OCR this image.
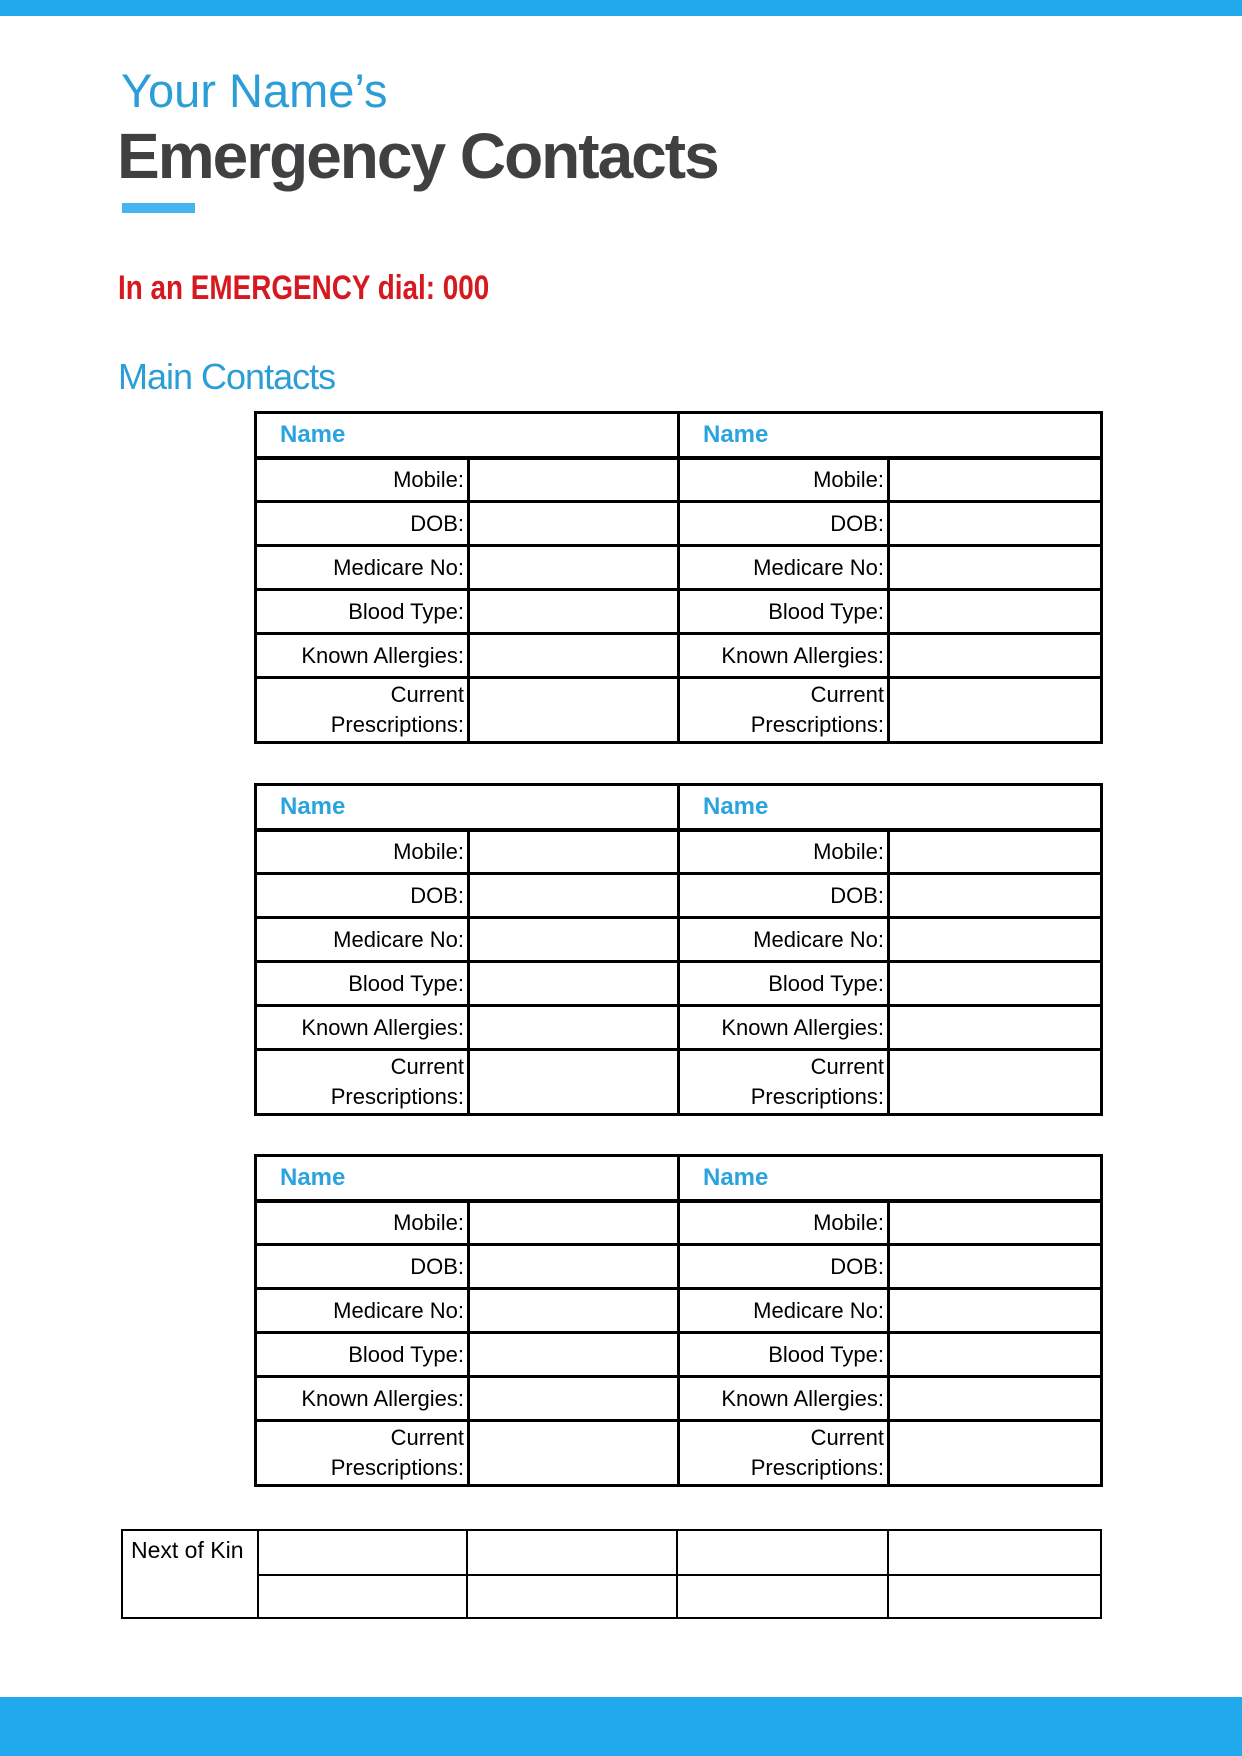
Your Name’s
Emergency Contacts
In an EMERGENCY dial: 000
Main Contacts
Name		Name	
Mobile:		Mobile:	
DOB:		DOB:	
Medicare No:		Medicare No:	
Blood Type:		Blood Type:	
Known Allergies:		Known Allergies:	
Current Prescriptions:		Current Prescriptions:	
Name		Name	
Mobile:		Mobile:	
DOB:		DOB:	
Medicare No:		Medicare No:	
Blood Type:		Blood Type:	
Known Allergies:		Known Allergies:	
Current Prescriptions:		Current Prescriptions:	
Name		Name	
Mobile:		Mobile:	
DOB:		DOB:	
Medicare No:		Medicare No:	
Blood Type:		Blood Type:	
Known Allergies:		Known Allergies:	
Current Prescriptions:		Current Prescriptions:	
Next of Kin				
